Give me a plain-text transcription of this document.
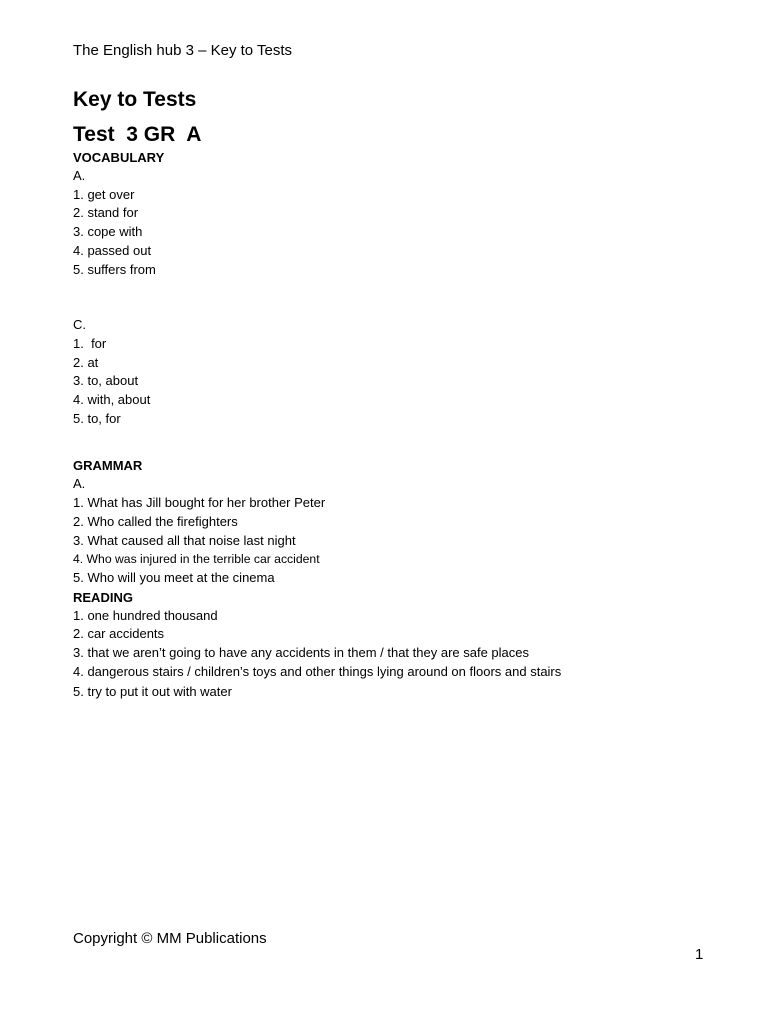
The English hub 3 – Key to Tests
Key to Tests
Test  3 GR  A
VOCABULARY
A.
1. get over
2. stand for
3. cope with
4. passed out
5. suffers from
C.
1.  for
2. at
3. to, about
4. with, about
5. to, for
GRAMMAR
A.
1. What has Jill bought for her brother Peter
2. Who called the firefighters
3. What caused all that noise last night
4. Who was injured in the terrible car accident
5. Who will you meet at the cinema
READING
1. one hundred thousand
2. car accidents
3. that we aren’t going to have any accidents in them / that they are safe places
4. dangerous stairs / children’s toys and other things lying around on floors and stairs
5. try to put it out with water
Copyright © MM Publications
1
